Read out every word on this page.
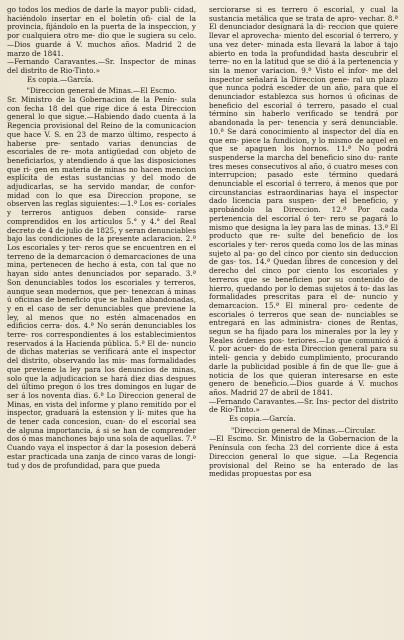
go todos los medios de darle la mayor publi- cidad, haciéndolo insertar en el boletín ofi- cial de la provincia, fijándolo en la puerta de la inspeccion, y por cualquiera otro me- dio que le sugiera su celo.—Dios guarde á V. muchos años. Madrid 2 de marzo de 1841.

—Fernando Caravantes.—Sr. Inspector de minas del distrito de Rio-Tinto.»

Es copia.—García.

"Direccion general de Minas.—El Escmo.

Sr. Ministro de la Gobernacion de la Penín- sula con fecha 18 del que rige dice á esta Direccion general lo que sigue.—Habiendo dado cuenta á la Regencia provisional del Reino de la comunicacion que hace V. S. en 23 de marzo último, respecto á haberse pre- sentado varias denuncias de escoriales de re- mota antigüedad con objeto de beneficiarlos, y atendiendo á que las disposiciones que ri- gen en materia de minas no hacen mencion esplícita de estas sustancias y del modo de adjudicarlas, se ha servido mandar, de confor- midad con lo que esa Direccion propone, se observen las reglas siguientes:—1.ª Los es- coriales y terreros antiguos deben conside- rarse comprendidos en los artículos 5.° y 4.° del Real decreto de 4 de julio de 1825, y seran denunciables bajo las condiciones de la presente aclaracion. 2.ª Los escoriales y ter- reros que se encuentren en el terreno de la demarcacion ó demarcaciones de una mina, pertenecen de hecho á esta, con tal que no hayan sido antes denunciados por separado. 3.ª Son denunciables todos los escoriales y terreros, aunque sean modernos, que per- tenezcan á minas ú oficinas de beneficio que se hallen abandonadas, y en el caso de ser denunciables que previene la ley, al menos que no estén almacenados en edificios cerra- dos. 4.ª No serán denunciables los terre- ros correspondientes á los establecimientos reservados á la Hacienda pública. 5.ª El de- nuncio de dichas materias se verificará ante el inspector del distrito, observando las mis- mas formalidades que previene la ley para los denuncios de minas, solo que la adjudicacion se hará diez dias despues del último pregon ó los tres domingos en lugar de ser á los noventa dias. 6.ª Lo Direccion general de Minas, en vista del informe y plano remitido por el inspector, graduará la estension y lí- mites que ha de tener cada concesion, cuan- do el escorial sea de alguna importancia, á si se han de comprender dos ó mas manchones bajo una sola de aquellas. 7.ª Cuando vaya el inspector á dar la posesion deberá estar practicada una zanja de cinco varas de longi- tud y dos de profundidad, para que pueda

serciorarse si es terrero ó escorial, y cual la sustancia metálica que se trata de apro- vechar. 8.ª El denunciador designará la di- reccion que quiere llevar el aprovecha- miento del escorial ó terrero, y una vez deter- minada esta llevará la labor á tajo abierto en toda la profundidad hasta descubrir el terre- no en la latitud que se dió á la pertenencia y sin la menor variacion. 9.ª Visto el infor- me del inspector señalará la Direccion gene- ral un plazo que nunca podrá esceder de un año, para que el denunciador establezca sus hornos ú oficinas de beneficio del escorial ó terrero, pasado el cual término sin haberlo verificado se tendrá por abandonada la per- tenencia y será denunciable. 10.ª Se dará conocimiento al inspector del día en que em- piece la fundicion, y lo mismo de aquel en que se apaguen los hornos. 11.ª No podrá suspenderse la marcha del beneficio sino du- rante tres meses consecutivos al año, ó cuatro meses con interrupcion; pasado este término quedará denunciable el escorial ó terrero, á menos que por circunstancias estraordinarias haya el inspector dado licencia para suspen- der el beneficio, y aprobándolo la Direccion. 12.ª Por cada pertenencia del escorial ó ter- rero se pagará lo mismo que designa la ley para las de minas. 13.ª El producto que re- sulte del beneficio de los escoriales y ter- reros queda como los de las minas sujeto al pa- go del cinco por ciento sin deduccion de gas- tos. 14.ª Quedan libres de concesion y del derecho del cinco por ciento los escoriales y terreros que se beneficien por su contenido de hierro, quedando por lo demas sujetos á to- das las formalidades prescritas para el de- nuncio y demarcacion. 15.ª El mineral pro- cedente de escoriales ó terreros que sean de- nunciables se entregará en las administra- ciones de Rentas, segun se ha fijado para los minerales por la ley y Reales órdenes pos- teriores.—Lo que comunicó á V. por acuer- do de esta Direccion general para su inteli- gencia y debido cumplimiento, procurando darle la publicidad posible á fin de que lle- gue á noticia de los que quieran interesarse en este genero de beneficio.—Dios guarde á V. muchos años. Madrid 27 de abril de 1841.

—Fernando Caravantes.—Sr. Ins- pector del distrito de Rio-Tinto.»

Es copia.—García.

"Direccion general de Minas.—Circular.

—El Escmo. Sr. Ministro de la Gobernacion de la Península con fecha 23 del corriente dice á esta Direccion general lo que sigue. —La Regencia provisional del Reino se ha enterado de las medidas propuestas por esa
